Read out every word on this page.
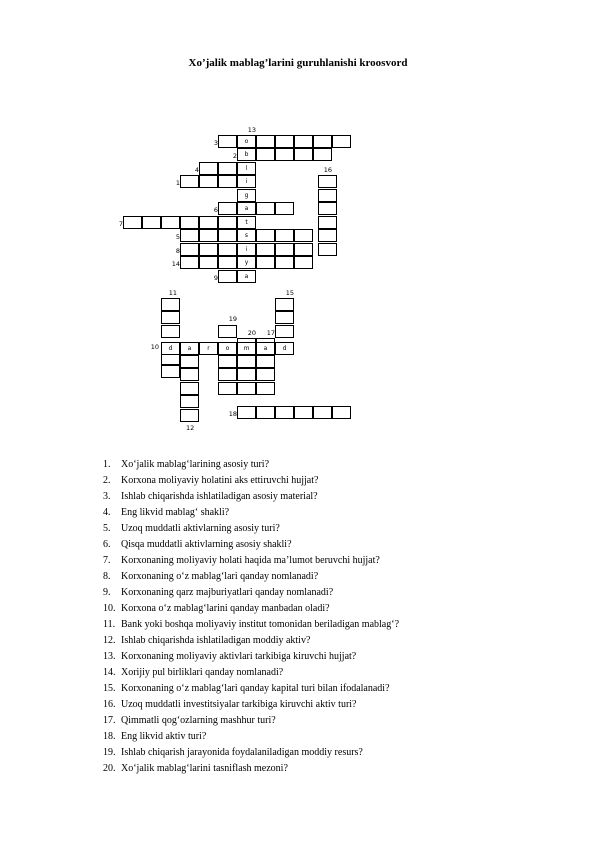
Xo’jalik mablag’larini guruhlanishi kroosvord
13
3
2
4	16
1
6
7
5
8
14
9
11	15
19
20	17
10
18
12
o
b
l
i
g
a
t
s
i
y
a
d	a	r	o	m	a	d
1. Xo‘jalik mablag‘larining asosiy turi?
2. Korxona moliyaviy holatini aks ettiruvchi hujjat?
3. Ishlab chiqarishda ishlatiladigan asosiy material?
4. Eng likvid mablag‘ shakli?
5. Uzoq muddatli aktivlarning asosiy turi?
6. Qisqa muddatli aktivlarning asosiy shakli?
7. Korxonaning moliyaviy holati haqida ma’lumot beruvchi hujjat?
8. Korxonaning o‘z mablag‘lari qanday nomlanadi?
9. Korxonaning qarz majburiyatlari qanday nomlanadi?
10. Korxona o‘z mablag‘larini qanday manbadan oladi?
11. Bank yoki boshqa moliyaviy institut tomonidan beriladigan mablag‘?
12. Ishlab chiqarishda ishlatiladigan moddiy aktiv?
13. Korxonaning moliyaviy aktivlari tarkibiga kiruvchi hujjat?
14. Xorijiy pul birliklari qanday nomlanadi?
15. Korxonaning o‘z mablag‘lari qanday kapital turi bilan ifodalanadi?
16. Uzoq muddatli investitsiyalar tarkibiga kiruvchi aktiv turi?
17. Qimmatli qog‘ozlarning mashhur turi?
18. Eng likvid aktiv turi?
19. Ishlab chiqarish jarayonida foydalaniladigan moddiy resurs?
20. Xo‘jalik mablag‘larini tasniflash mezoni?
